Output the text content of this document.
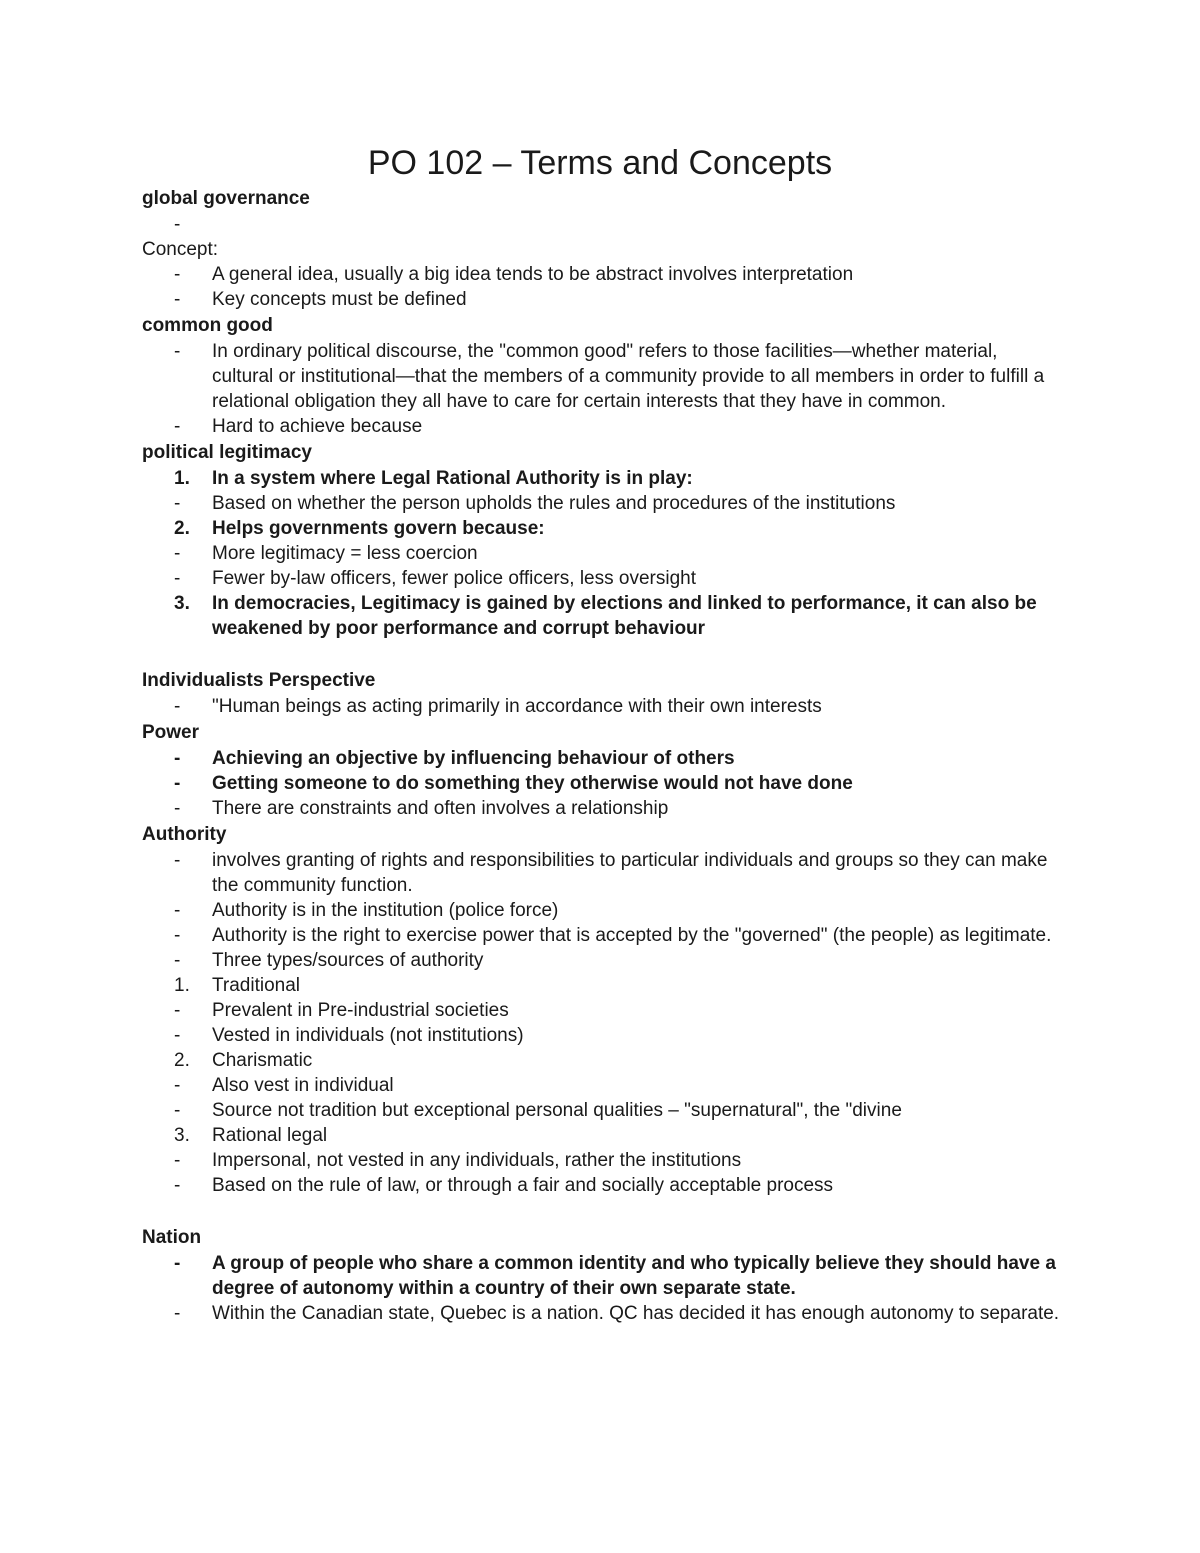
PO 102 – Terms and Concepts
global governance
-

Concept:
- A general idea, usually a big idea tends to be abstract involves interpretation
- Key concepts must be defined
common good
- In ordinary political discourse, the "common good" refers to those facilities—whether material, cultural or institutional—that the members of a community provide to all members in order to fulfill a relational obligation they all have to care for certain interests that they have in common.
- Hard to achieve because
political legitimacy
1. In a system where Legal Rational Authority is in play:
- Based on whether the person upholds the rules and procedures of the institutions
2. Helps governments govern because:
- More legitimacy = less coercion
- Fewer by-law officers, fewer police officers, less oversight
3. In democracies, Legitimacy is gained by elections and linked to performance, it can also be weakened by poor performance and corrupt behaviour
Individualists Perspective
- "Human beings as acting primarily in accordance with their own interests
Power
- Achieving an objective by influencing behaviour of others
- Getting someone to do something they otherwise would not have done
- There are constraints and often involves a relationship
Authority
- involves granting of rights and responsibilities to particular individuals and groups so they can make the community function.
- Authority is in the institution (police force)
- Authority is the right to exercise power that is accepted by the "governed" (the people) as legitimate.
- Three types/sources of authority
1. Traditional
- Prevalent in Pre-industrial societies
- Vested in individuals (not institutions)
2. Charismatic
- Also vest in individual
- Source not tradition but exceptional personal qualities – "supernatural", the "divine
3. Rational legal
- Impersonal, not vested in any individuals, rather the institutions
- Based on the rule of law, or through a fair and socially acceptable process
Nation
- A group of people who share a common identity and who typically believe they should have a degree of autonomy within a country of their own separate state.
- Within the Canadian state, Quebec is a nation. QC has decided it has enough autonomy to separate.
